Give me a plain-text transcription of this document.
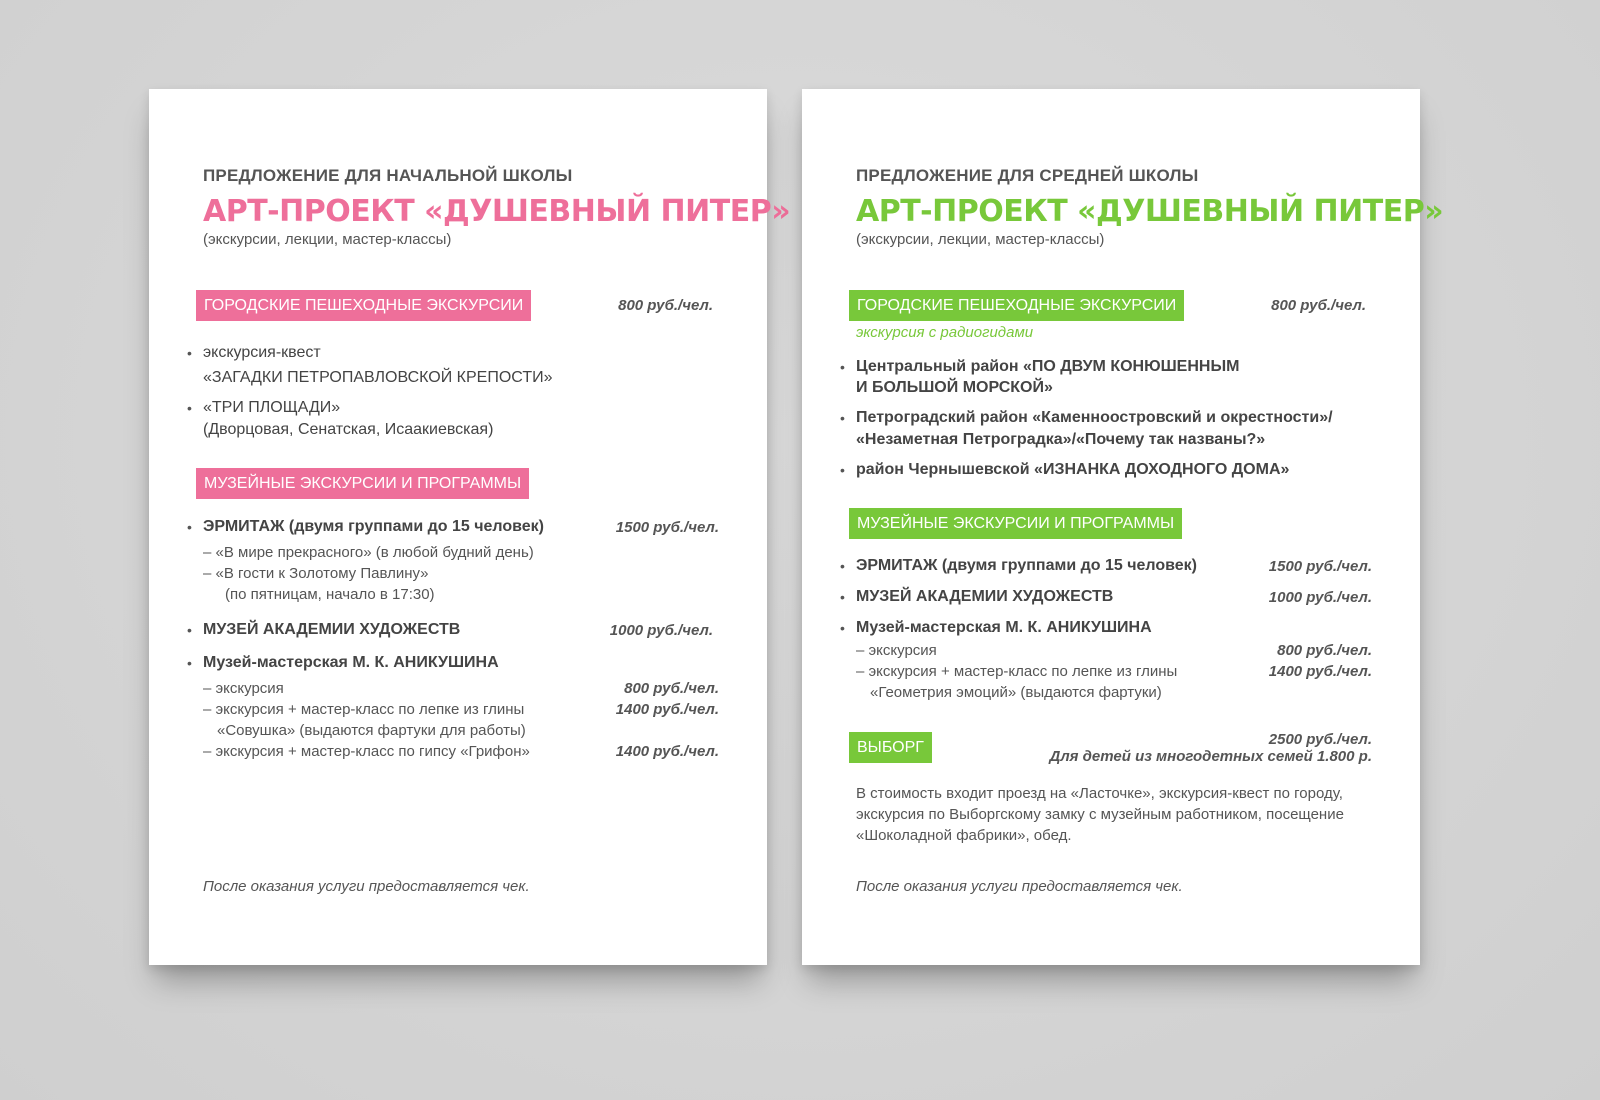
ПРЕДЛОЖЕНИЕ ДЛЯ НАЧАЛЬНОЙ ШКОЛЫ
АРТ-ПРОЕКТ «ДУШЕВНЫЙ ПИТЕР»
(экскурсии, лекции, мастер-классы)
ГОРОДСКИЕ ПЕШЕХОДНЫЕ ЭКСКУРСИИ	800 руб./чел.
• экскурсия-квест
«ЗАГАДКИ ПЕТРОПАВЛОВСКОЙ КРЕПОСТИ»
• «ТРИ ПЛОЩАДИ»
(Дворцовая, Сенатская, Исаакиевская)
МУЗЕЙНЫЕ ЭКСКУРСИИ И ПРОГРАММЫ
• ЭРМИТАЖ (двумя группами до 15 человек)	1500 руб./чел.
– «В мире прекрасного» (в любой будний день)
– «В гости к Золотому Павлину»
(по пятницам, начало в 17:30)
• МУЗЕЙ АКАДЕМИИ ХУДОЖЕСТВ	1000 руб./чел.
• Музей-мастерская М. К. АНИКУШИНА
– экскурсия	800 руб./чел.
– экскурсия + мастер-класс по лепке из глины	1400 руб./чел.
«Совушка» (выдаются фартуки для работы)
– экскурсия + мастер-класс по гипсу «Грифон»	1400 руб./чел.
После оказания услуги предоставляется чек.
ПРЕДЛОЖЕНИЕ ДЛЯ СРЕДНЕЙ ШКОЛЫ
АРТ-ПРОЕКТ «ДУШЕВНЫЙ ПИТЕР»
(экскурсии, лекции, мастер-классы)
ГОРОДСКИЕ ПЕШЕХОДНЫЕ ЭКСКУРСИИ	800 руб./чел.
экскурсия с радиогидами
• Центральный район «ПО ДВУМ КОНЮШЕННЫМ
И БОЛЬШОЙ МОРСКОЙ»
• Петроградский район «Каменноостровский и окрестности»/
«Незаметная Петроградка»/«Почему так названы?»
• район Чернышевской «ИЗНАНКА ДОХОДНОГО ДОМА»
МУЗЕЙНЫЕ ЭКСКУРСИИ И ПРОГРАММЫ
• ЭРМИТАЖ (двумя группами до 15 человек)	1500 руб./чел.
• МУЗЕЙ АКАДЕМИИ ХУДОЖЕСТВ	1000 руб./чел.
• Музей-мастерская М. К. АНИКУШИНА
– экскурсия	800 руб./чел.
– экскурсия + мастер-класс по лепке из глины	1400 руб./чел.
«Геометрия эмоций» (выдаются фартуки)
ВЫБОРГ	2500 руб./чел.
Для детей из многодетных семей 1.800 р.
В стоимость входит проезд на «Ласточке», экскурсия-квест по городу, экскурсия по Выборгскому замку с музейным работником, посещение «Шоколадной фабрики», обед.
После оказания услуги предоставляется чек.
